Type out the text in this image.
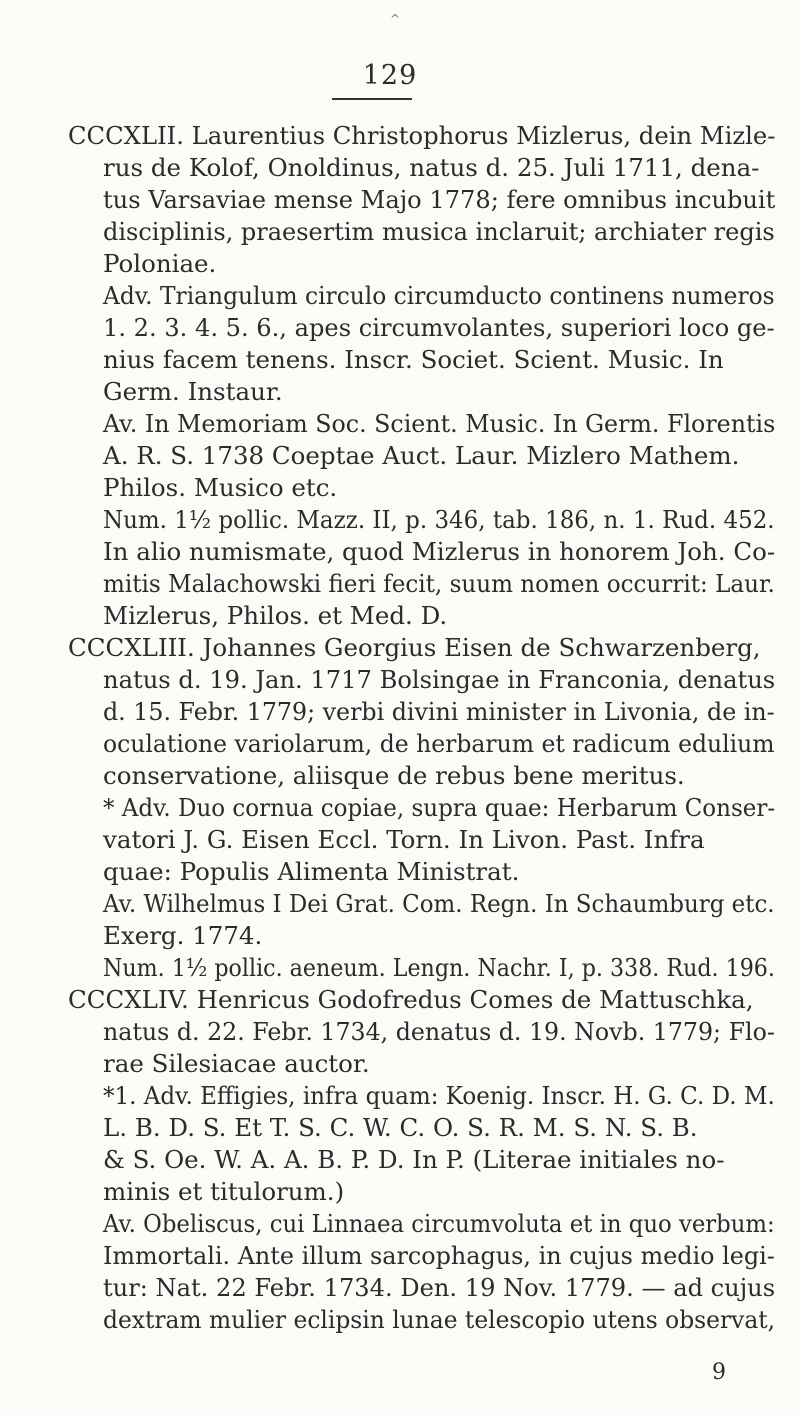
^
129

CCCXLII. Laurentius Christophorus Mizlerus, dein Mizle-

rus de Kolof, Onoldinus, natus d. 25. Juli 1711, dena-

tus Varsaviae mense Majo 1778; fere omnibus incubuit

disciplinis, praesertim musica inclaruit; archiater regis

Poloniae.

Adv. Triangulum circulo circumducto continens numeros

1. 2. 3. 4. 5. 6., apes circumvolantes, superiori loco ge-

nius facem tenens. Inscr. Societ. Scient. Music. In

Germ. Instaur.

Av. In Memoriam Soc. Scient. Music. In Germ. Florentis

A. R. S. 1738 Coeptae Auct. Laur. Mizlero Mathem.

Philos. Musico etc.

Num. 1½ pollic. Mazz. II, p. 346, tab. 186, n. 1. Rud. 452.

In alio numismate, quod Mizlerus in honorem Joh. Co-

mitis Malachowski fieri fecit, suum nomen occurrit: Laur.

Mizlerus, Philos. et Med. D.

CCCXLIII. Johannes Georgius Eisen de Schwarzenberg,

natus d. 19. Jan. 1717 Bolsingae in Franconia, denatus

d. 15. Febr. 1779; verbi divini minister in Livonia, de in-

oculatione variolarum, de herbarum et radicum edulium

conservatione, aliisque de rebus bene meritus.

* Adv. Duo cornua copiae, supra quae: Herbarum Conser-

vatori J. G. Eisen Eccl. Torn. In Livon. Past. Infra

quae: Populis Alimenta Ministrat.

Av. Wilhelmus I Dei Grat. Com. Regn. In Schaumburg etc.

Exerg. 1774.

Num. 1½ pollic. aeneum. Lengn. Nachr. I, p. 338. Rud. 196.

CCCXLIV. Henricus Godofredus Comes de Mattuschka,

natus d. 22. Febr. 1734, denatus d. 19. Novb. 1779; Flo-

rae Silesiacae auctor.

*1. Adv. Effigies, infra quam: Koenig. Inscr. H. G. C. D. M.

L. B. D. S. Et T. S. C. W. C. O. S. R. M. S. N. S. B.

& S. Oe. W. A. A. B. P. D. In P. (Literae initiales no-

minis et titulorum.)

Av. Obeliscus, cui Linnaea circumvoluta et in quo verbum:

Immortali. Ante illum sarcophagus, in cujus medio legi-

tur: Nat. 22 Febr. 1734. Den. 19 Nov. 1779. — ad cujus

dextram mulier eclipsin lunae telescopio utens observat,

9
